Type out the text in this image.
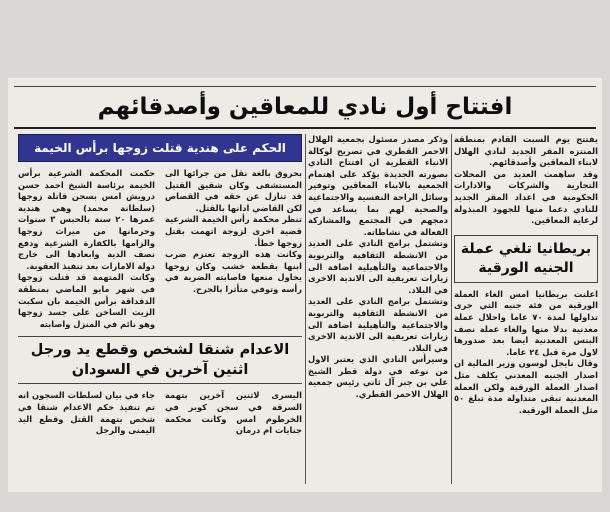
افتتاح أول نادي للمعاقين وأصدقائهم

يفتتح يوم السبت القادم بمنطقة المنتزه المقر الجديد لنادي الهلال لابناء المعاقين وأصدقائهم.

وقد ساهمت العديد من المحلات التجارية والشركات والادارات الحكومية في اعداد المقر الجديد للنادي دعما منها للجهود المبذولة لرعاية المعاقين.

بريطانيا تلغي عملة الجنيه الورقية

اعلنت بريطانيا امس الغاء العملة الورقية من فئة جنيه التي جرى تداولها لمدة ٧٠ عاما واحلال عملة معدنية بدلا منها والغاء عملة نصف البنس المعدنية ايضا بعد صدورها لاول مرة قبل ٢٤ عاما.

وقال نايجل لوسون وزير المالية ان اصدار الجنيه المعدني يكلف مثل اصدار العملة الورقية ولكن العملة المعدنية تبقى متداولة مدة تبلغ ٥٠ مثل العملة الورقية.

وذكر مصدر مسئول بجمعية الهلال الاحمر القطري في تصريح لوكالة الانباء القطرية ان افتتاح النادي بصورته الجديدة يؤكد على اهتمام الجمعية بالابناء المعاقين وتوفير وسائل الراحة النفسية والاجتماعية والصحية لهم بما يساعد في دمجهم في المجتمع والمشاركة الفعالة في نشاطاته.

وتشتمل برامج النادي على العديد من الانشطة الثقافية والتربوية والاجتماعية والتأهيلية اضافة الى زيارات تعريفية الى الاندية الاخرى في البلاد.

وتشتمل برامج النادي على العديد من الانشطة الثقافية والتربوية والاجتماعية والتأهيلية اضافة الى زيارات تعريفية الى الاندية الاخرى في البلاد.

وسيرأس النادي الذي يعتبر الاول من نوعه في دولة قطر الشيخ علي بن جبر آل ثاني رئيس جمعية الهلال الاحمر القطري.

الحكم على هندية قتلت زوجها برأس الخيمة

حكمت المحكمة الشرعية برأس الخيمة برئاسة الشيخ احمد حسن درويش امس بسجن قاتلة زوجها (سلطانة محمد) وهي هندية عمرها ٢٠ سنة بالحبس ٣ سنوات وحرمانها من ميراث زوجها والزامها بالكفارة الشرعية ودفع نصف الدية وابعادها الى خارج دولة الامارات بعد تنفيذ العقوبة.

وكانت المتهمة قد قتلت زوجها في شهر مايو الماضي بمنطقة الدقداقة برأس الخيمة بان سكبت الزيت الساخن على جسد زوجها وهو نائم في المنزل واصابته

بحروق بالغة نقل من جرائها الى المستشفى وكان شقيق القتيل قد تنازل عن حقه في القصاص لكن القاضي ادانها بالقتل.

تنظر محكمة رأس الخيمة الشرعية قضية اخرى لزوجة اتهمت بقتل زوجها خطأ.

وكانت هذه الزوجة تعتزم ضرب ابنها بقطعة خشب وكان زوجها يحاول منعها فاصابته الضربة في رأسه وتوفي متأثرا بالجرح.

الاعدام شنقا لشخص وقطع يد ورجل اثنين آخرين في السودان

جاء في بيان لسلطات السجون انه تم تنفيذ حكم الاعدام شنقا في شخص بتهمة القتل وقطع اليد اليمنى والرجل

اليسرى لاثنين آخرين بتهمة السرقة في سجن كوبر في الخرطوم امس وكانت محكمة جنايات ام درمان
